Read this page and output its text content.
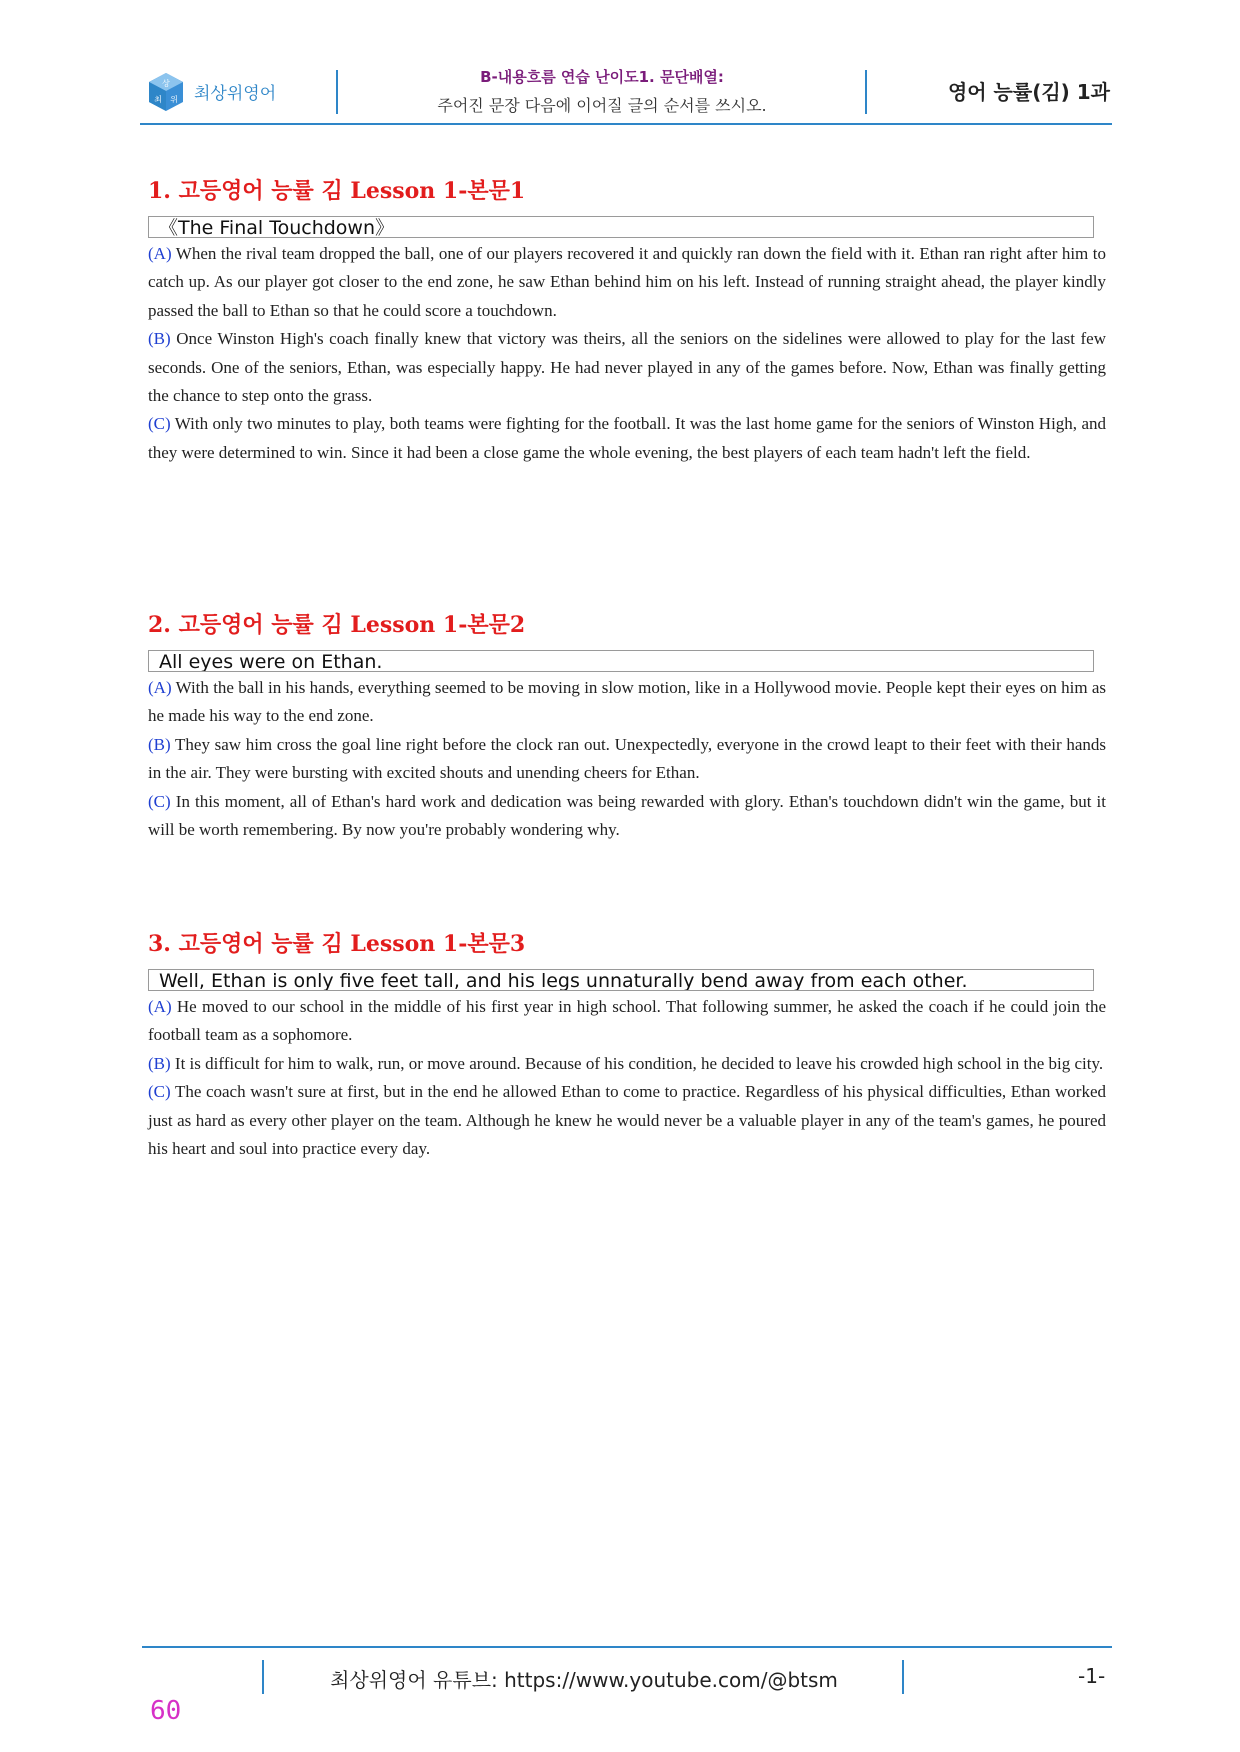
상
최 위 최상위영어
B-내용흐름 연습 난이도1. 문단배열:
주어진 문장 다음에 이어질 글의 순서를 쓰시오.
영어 능률(김) 1과
1. 고등영어 능률 김 Lesson 1-본문1
《The Final Touchdown》

(A) When the rival team dropped the ball, one of our players recovered it and quickly ran down the field with it. Ethan ran right after him to catch up. As our player got closer to the end zone, he saw Ethan behind him on his left. Instead of running straight ahead, the player kindly passed the ball to Ethan so that he could score a touchdown.

(B) Once Winston High's coach finally knew that victory was theirs, all the seniors on the sidelines were allowed to play for the last few seconds. One of the seniors, Ethan, was especially happy. He had never played in any of the games before. Now, Ethan was finally getting the chance to step onto the grass.

(C) With only two minutes to play, both teams were fighting for the football. It was the last home game for the seniors of Winston High, and they were determined to win. Since it had been a close game the whole evening, the best players of each team hadn't left the field.

2. 고등영어 능률 김 Lesson 1-본문2
All eyes were on Ethan.

(A) With the ball in his hands, everything seemed to be moving in slow motion, like in a Hollywood movie. People kept their eyes on him as he made his way to the end zone.

(B) They saw him cross the goal line right before the clock ran out. Unexpectedly, everyone in the crowd leapt to their feet with their hands in the air. They were bursting with excited shouts and unending cheers for Ethan.

(C) In this moment, all of Ethan's hard work and dedication was being rewarded with glory. Ethan's touchdown didn't win the game, but it will be worth remembering. By now you're probably wondering why.

3. 고등영어 능률 김 Lesson 1-본문3
Well, Ethan is only five feet tall, and his legs unnaturally bend away from each other.

(A) He moved to our school in the middle of his first year in high school. That following summer, he asked the coach if he could join the football team as a sophomore.

(B) It is difficult for him to walk, run, or move around. Because of his condition, he decided to leave his crowded high school in the big city.

(C) The coach wasn't sure at first, but in the end he allowed Ethan to come to practice. Regardless of his physical difficulties, Ethan worked just as hard as every other player on the team. Although he knew he would never be a valuable player in any of the team's games, he poured his heart and soul into practice every day.

최상위영어 유튜브: https://www.youtube.com/@btsm	-1-
60
